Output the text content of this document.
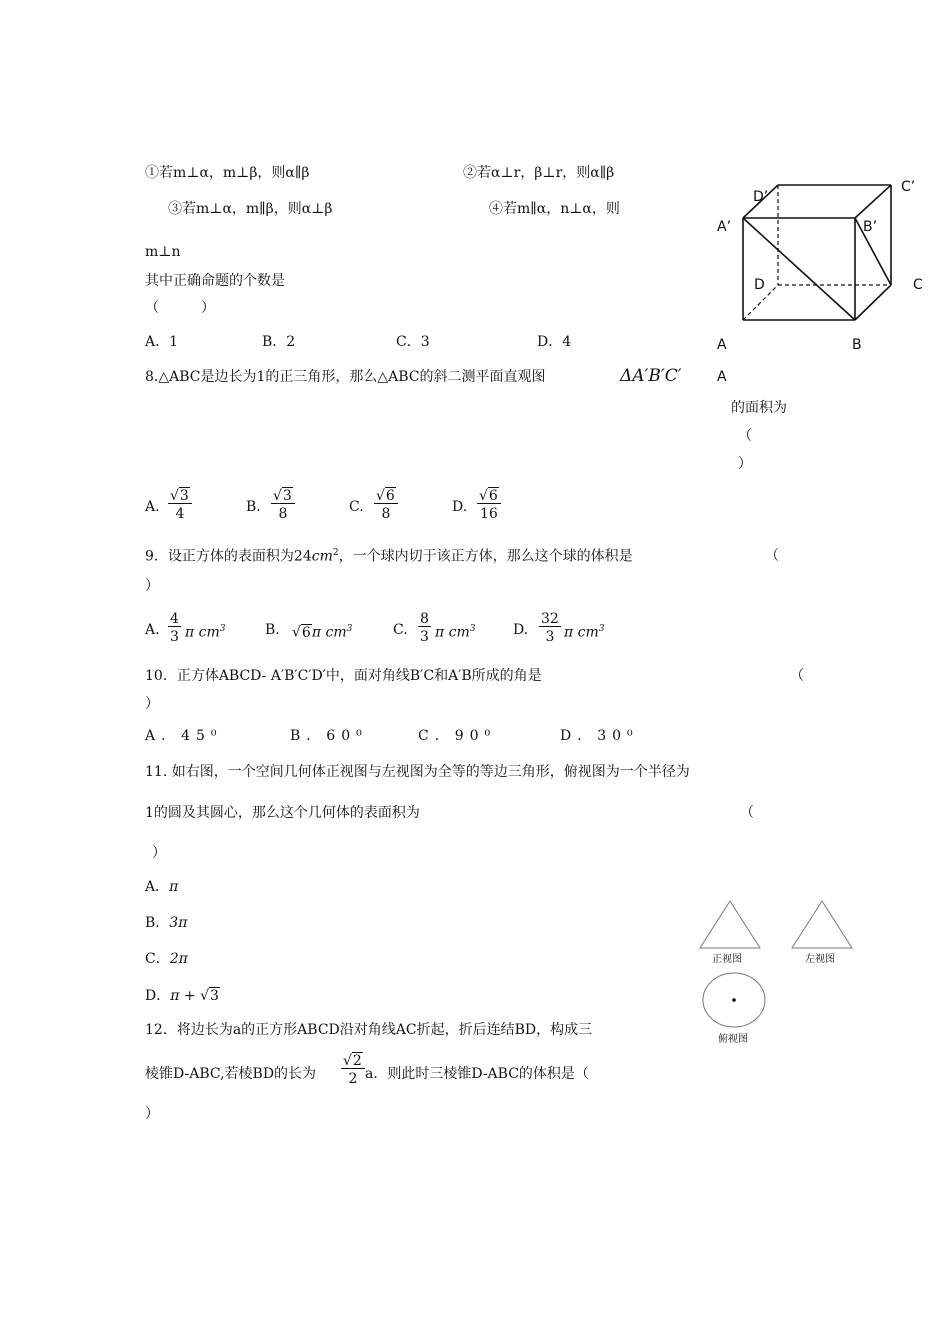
①若m⊥α，m⊥β，则α∥β	②若α⊥r，β⊥r，则α∥β
③若m⊥α，m∥β，则α⊥β	④若m∥α，n⊥α，则
m⊥n
其中正确命题的个数是
（　　　）
A．1	B．2	C．3	D．4
D’
C’
A’	B’
D	C
A	B
A
8.△ABC是边长为1的正三角形，那么△ABC的斜二测平面直观图	ΔA′B′C′
的面积为
（
）
A. $\frac{√3}{4}$	B. $\frac{√3}{8}$	C. $\frac{√6}{8}$	D. $\frac{√6}{16}$
9．设正方体的表面积为$24cm^2$，一个球内切于该正方体，那么这个球的体积是	（
）
A. $\frac{4}{3}$ π $cm^3$	B. √6π $cm^3$	C. $\frac{8}{3}$ π $cm^3$	D. $\frac{32}{3}$ π $cm^3$
10．正方体ABCD- A′B′C′D′中，面对角线B′C和A′B所成的角是	（
）
A．45⁰	B．60⁰	C．90⁰	D．30⁰
11. 如右图，一个空间几何体正视图与左视图为全等的等边三角形，俯视图为一个半径为
1的圆及其圆心，那么这个几何体的表面积为	（
）
A．π
B．3π
C．2π
D．π + √3
正视图	左视图
俯视图
12．将边长为a的正方形ABCD沿对角线AC折起，折后连结BD，构成三
棱锥D-ABC,若棱BD的长为 $\frac{√2}{2}$ a．则此时三棱锥D-ABC的体积是（
）
